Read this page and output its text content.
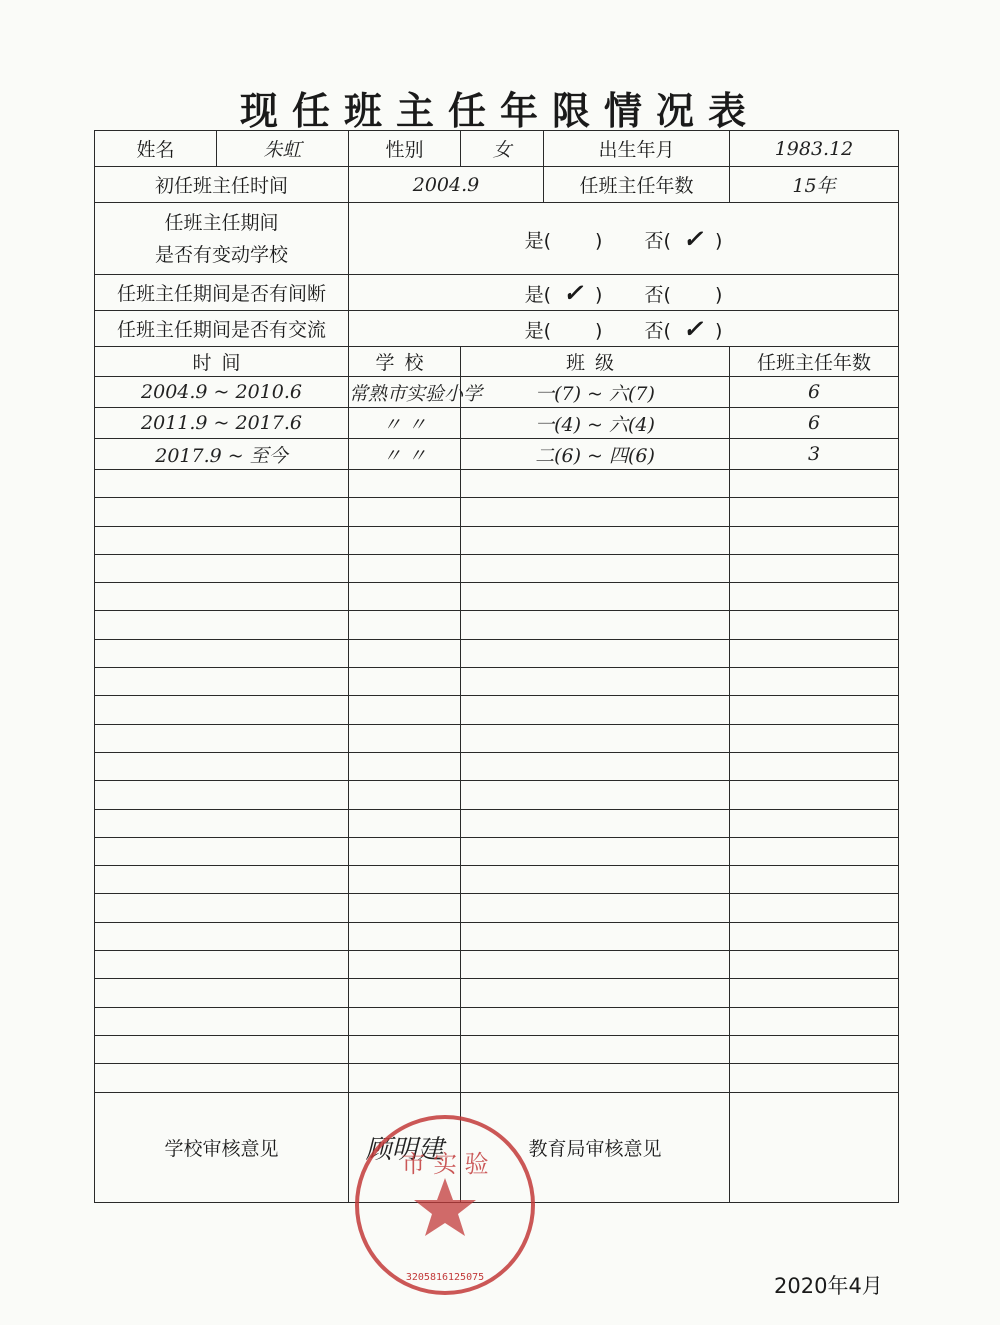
现任班主任年限情况表
姓名	朱虹	性别	女	出生年月	1983.12
初任班主任时间		2004.9		任班主任年数	15年

任班主任期间
是否有变动学校		是( ) 否( ✓ )			
任班主任期间是否有间断		是( ✓ ) 否( )			
任班主任期间是否有交流		是( ) 否( ✓ )			
时间		学校	班级		任班主任年数
2004.9 ~ 2010.6		常熟市实验小学	一(7) ~ 六(7)		6
2011.9 ~ 2017.6		〃 〃	一(4) ~ 六(4)		6
2017.9 ~ 至今		〃 〃	二(6) ~ 四(6)		3

学校审核意见		顾明建	教育局审核意见		
2020年4月
市 实 验
3205816125075
